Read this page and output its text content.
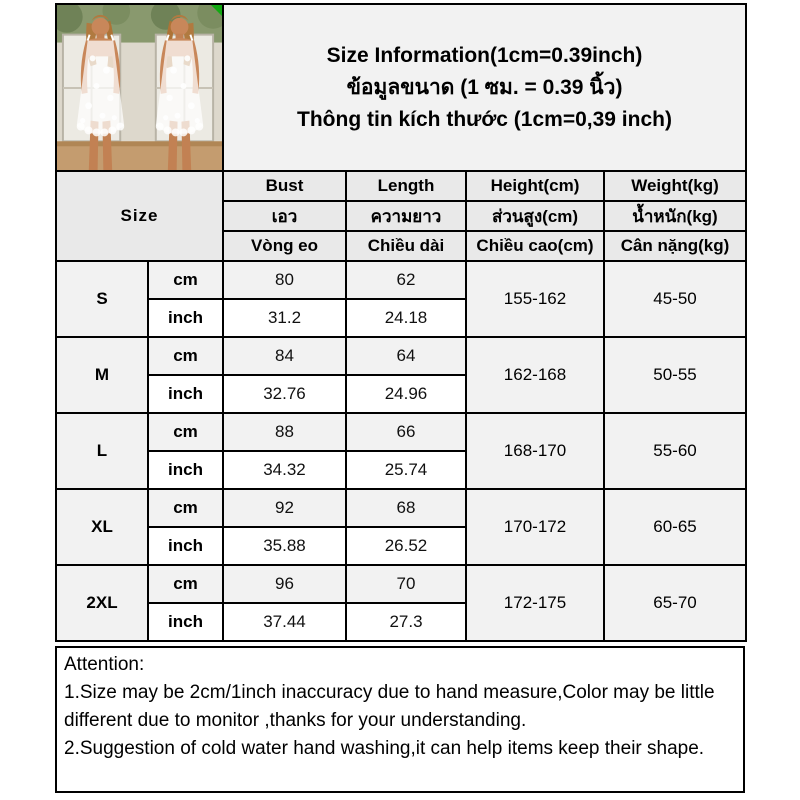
Size Information(1cm=0.39inch)
ข้อมูลขนาด (1 ซม. = 0.39 นิ้ว)
Thông tin kích thước (1cm=0,39 inch)			

Size		Bust	Length	Height(cm)	Weight(kg)
		เอว	ความยาว	ส่วนสูง(cm)	น้ำหนัก(kg)
		Vòng eo	Chiều dài	Chiều cao(cm)	Cân nặng(kg)
S	cm	80	62	155-162	45-50
	inch	31.2	24.18		
M	cm	84	64	162-168	50-55
	inch	32.76	24.96		
L	cm	88	66	168-170	55-60
	inch	34.32	25.74		
XL	cm	92	68	170-172	60-65
	inch	35.88	26.52		
2XL	cm	96	70	172-175	65-70
	inch	37.44	27.3		
Attention:
1.Size may be 2cm/1inch inaccuracy due to hand measure,Color may be little different due to monitor ,thanks for your understanding.
2.Suggestion of cold water hand washing,it can help items keep their shape.
